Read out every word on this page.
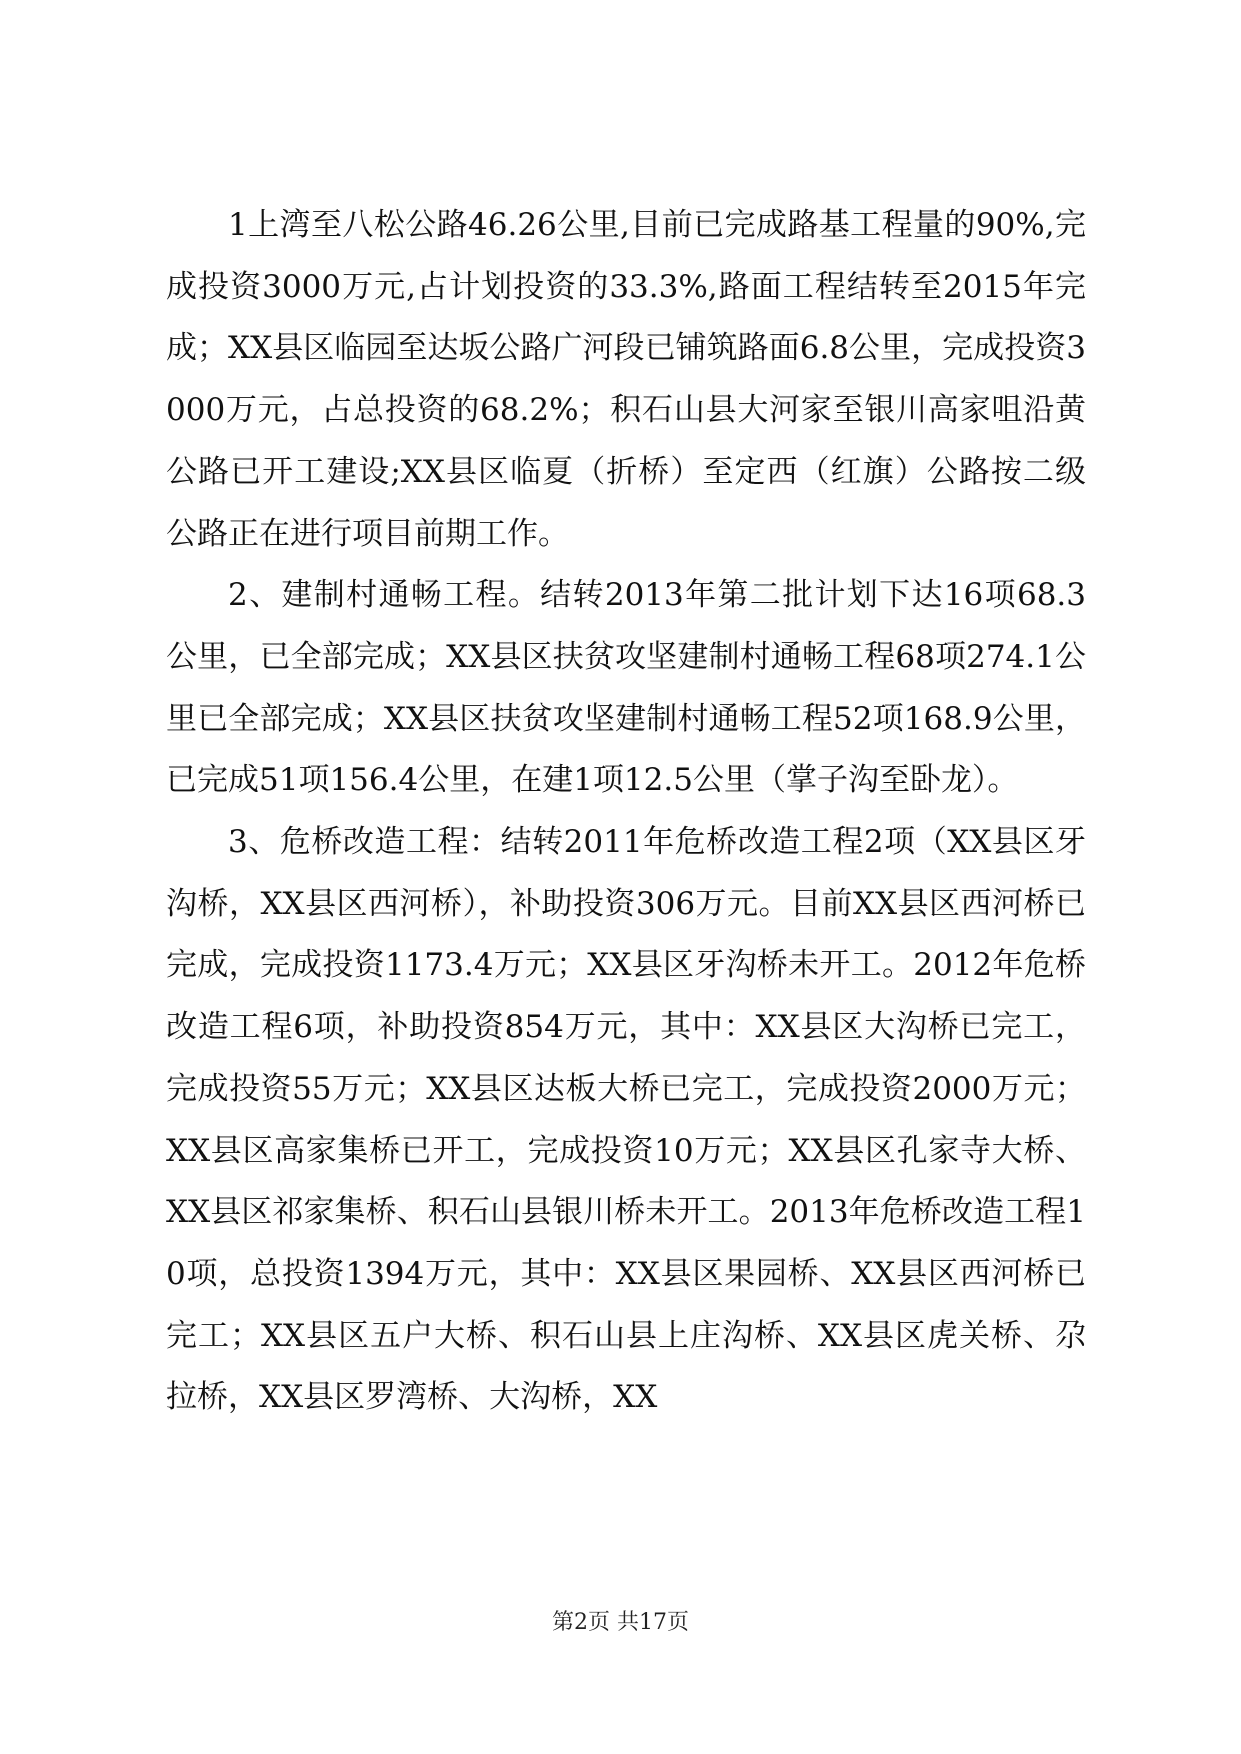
1上湾至八松公路46.26公里,目前已完成路基工程量的90%,完成投资3000万元,占计划投资的33.3%,路面工程结转至2015年完成；XX县区临园至达坂公路广河段已铺筑路面6.8公里，完成投资3000万元，占总投资的68.2%；积石山县大河家至银川高家咀沿黄公路已开工建设;XX县区临夏（折桥）至定西（红旗）公路按二级公路正在进行项目前期工作。

2、建制村通畅工程。结转2013年第二批计划下达16项68.3公里，已全部完成；XX县区扶贫攻坚建制村通畅工程68项274.1公里已全部完成；XX县区扶贫攻坚建制村通畅工程52项168.9公里，已完成51项156.4公里，在建1项12.5公里（掌子沟至卧龙）。

3、危桥改造工程：结转2011年危桥改造工程2项（XX县区牙沟桥，XX县区西河桥），补助投资306万元。目前XX县区西河桥已完成，完成投资1173.4万元；XX县区牙沟桥未开工。2012年危桥改造工程6项，补助投资854万元，其中：XX县区大沟桥已完工，完成投资55万元；XX县区达板大桥已完工，完成投资2000万元；XX县区高家集桥已开工，完成投资10万元；XX县区孔家寺大桥、XX县区祁家集桥、积石山县银川桥未开工。2013年危桥改造工程10项，总投资1394万元，其中：XX县区果园桥、XX县区西河桥已完工；XX县区五户大桥、积石山县上庄沟桥、XX县区虎关桥、尕拉桥，XX县区罗湾桥、大沟桥，XX

第2页 共17页
